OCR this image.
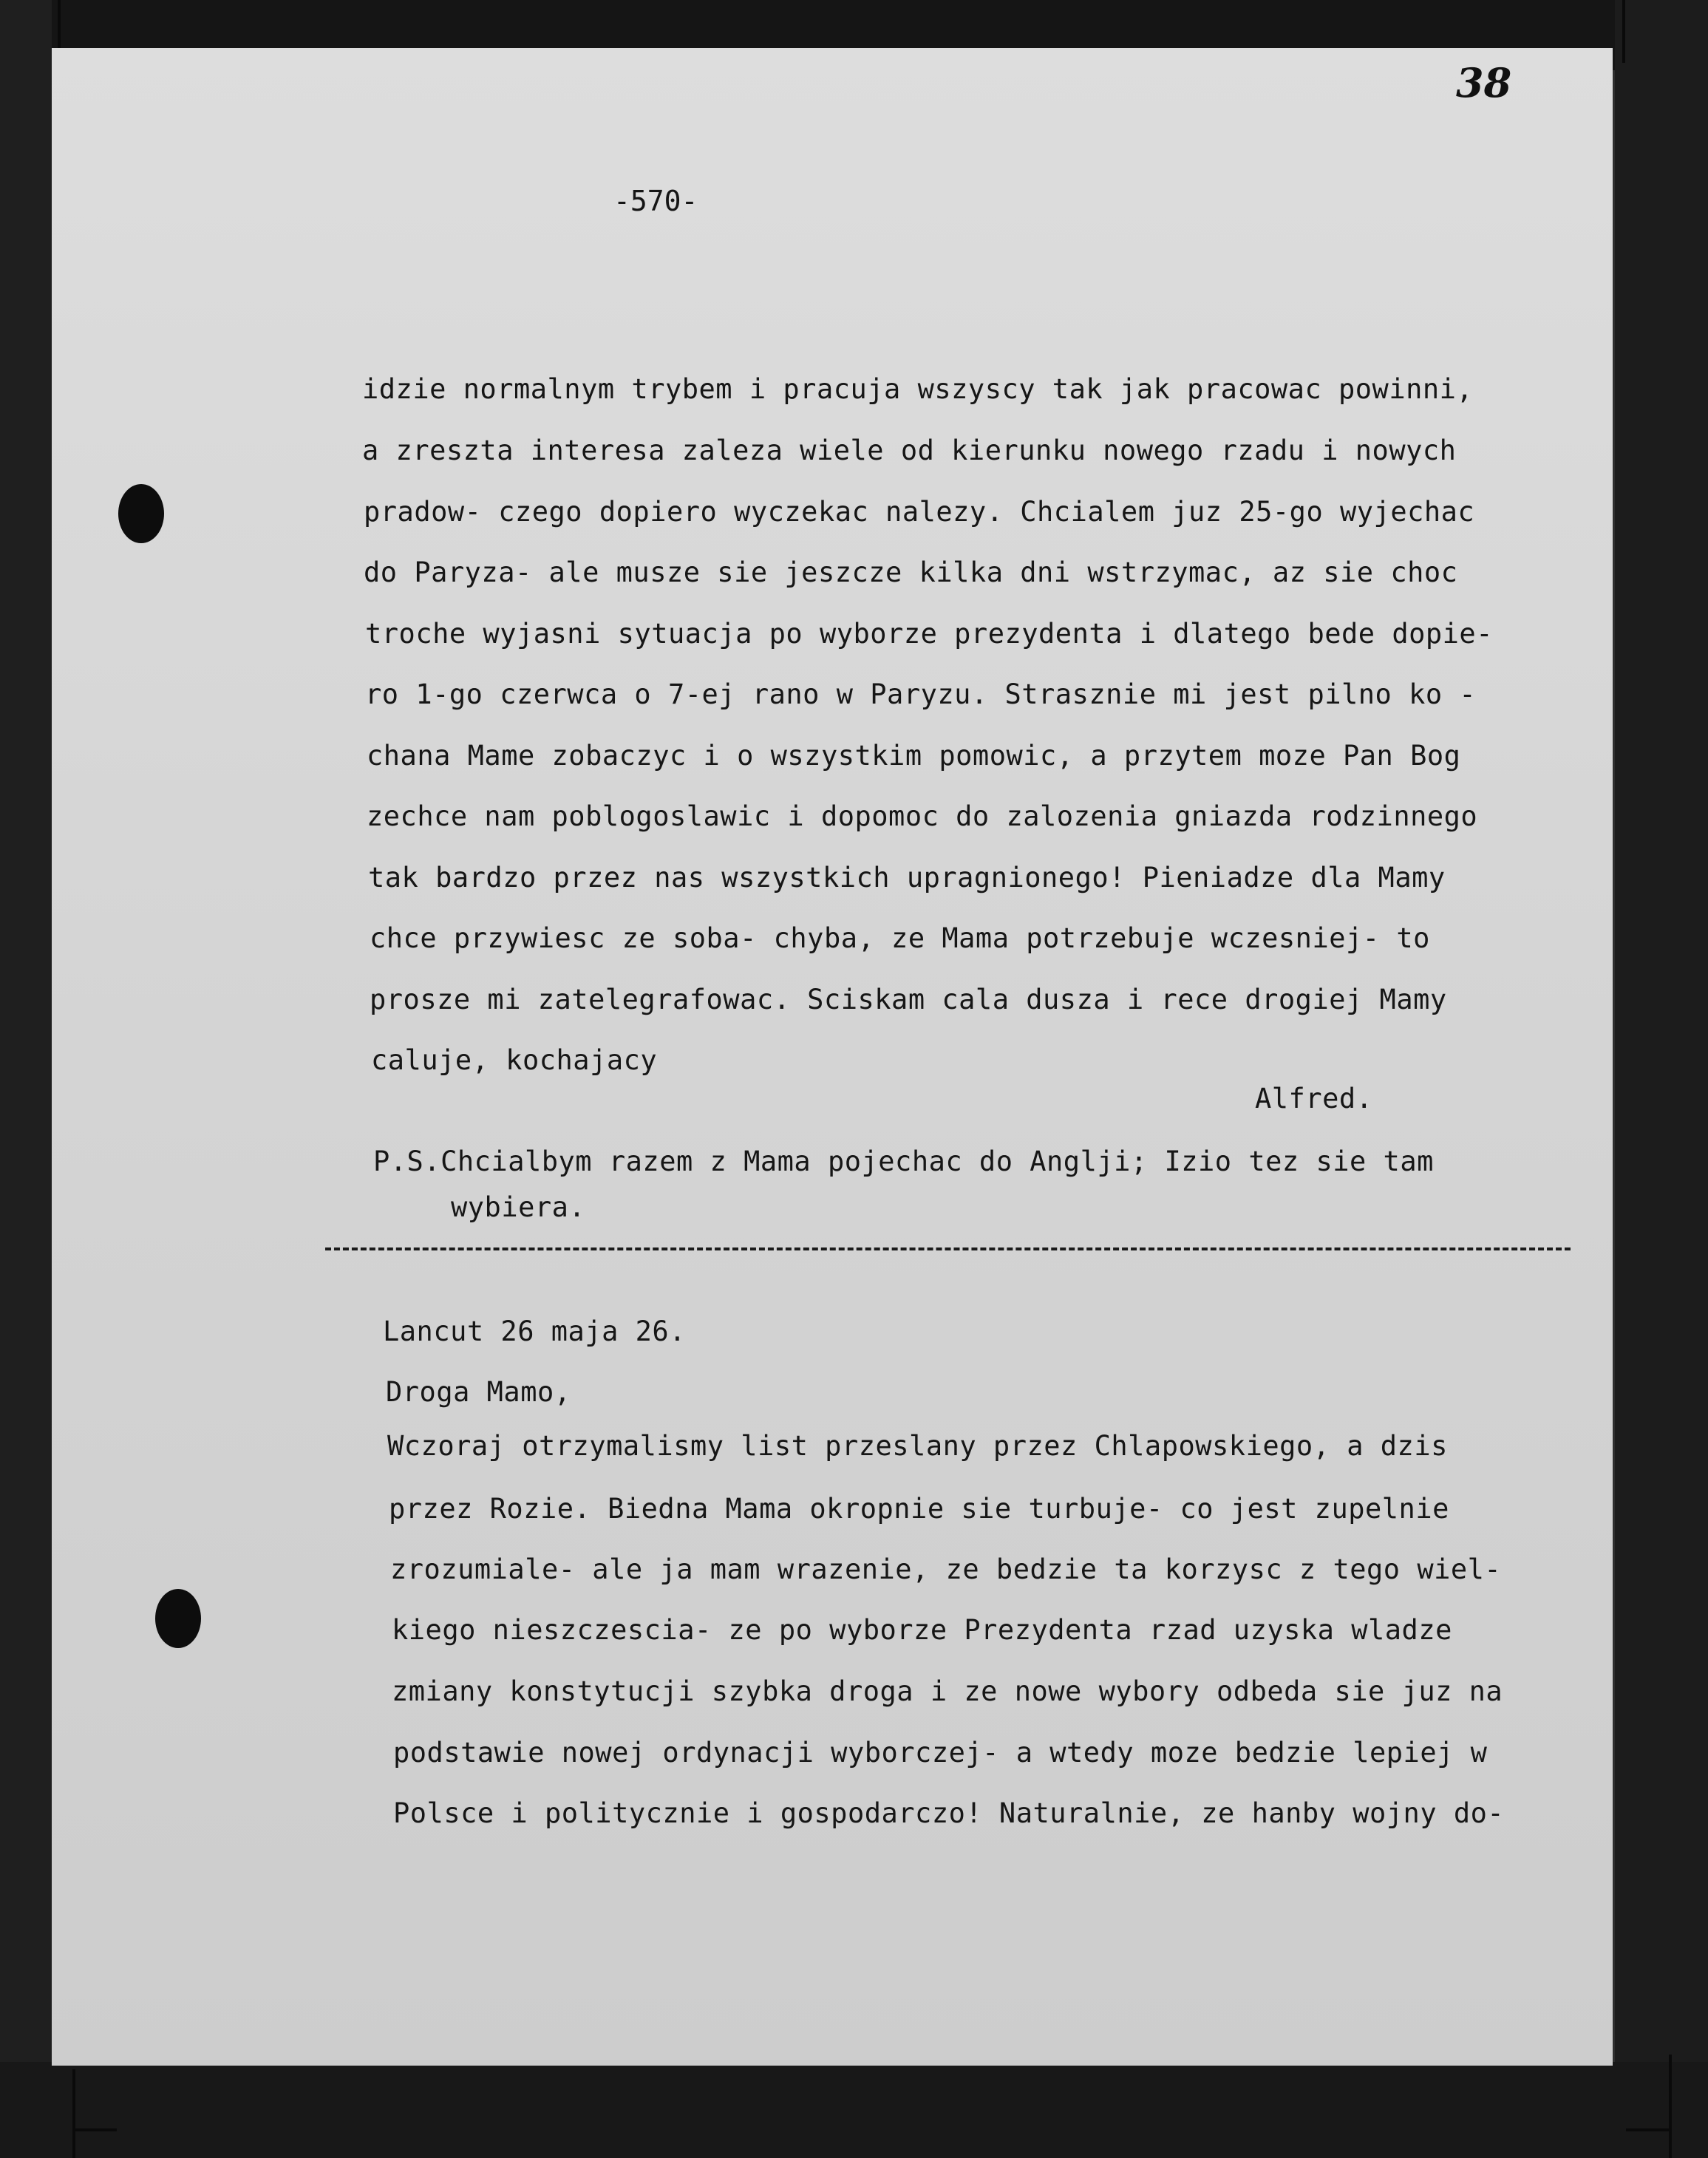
38
-570-
idzie normalnym trybem i pracuja wszyscy tak jak pracowac powinni,
a zreszta interesa zaleza wiele od kierunku nowego rzadu i nowych
pradow- czego dopiero wyczekac nalezy. Chcialem juz 25-go wyjechac
do Paryza- ale musze sie jeszcze kilka dni wstrzymac, az sie choc
troche wyjasni sytuacja po wyborze prezydenta i dlatego bede dopie-
ro 1-go czerwca o 7-ej rano w Paryzu. Strasznie mi jest pilno ko -
chana Mame zobaczyc i o wszystkim pomowic, a przytem moze Pan Bog
zechce nam poblogoslawic i dopomoc do zalozenia gniazda rodzinnego
tak bardzo przez nas wszystkich upragnionego! Pieniadze dla Mamy
chce przywiesc ze soba- chyba, ze Mama potrzebuje wczesniej- to
prosze mi zatelegrafowac. Sciskam cala dusza i rece drogiej Mamy
caluje, kochajacy
Alfred.
P.S.Chcialbym razem z Mama pojechac do Anglji; Izio tez sie tam
wybiera.
Lancut 26 maja 26.
Droga Mamo,
Wczoraj otrzymalismy list przeslany przez Chlapowskiego, a dzis
przez Rozie. Biedna Mama okropnie sie turbuje- co jest zupelnie
zrozumiale- ale ja mam wrazenie, ze bedzie ta korzysc z tego wiel-
kiego nieszczescia- ze po wyborze Prezydenta rzad uzyska wladze
zmiany konstytucji szybka droga i ze nowe wybory odbeda sie juz na
podstawie nowej ordynacji wyborczej- a wtedy moze bedzie lepiej w
Polsce i politycznie i gospodarczo! Naturalnie, ze hanby wojny do-
